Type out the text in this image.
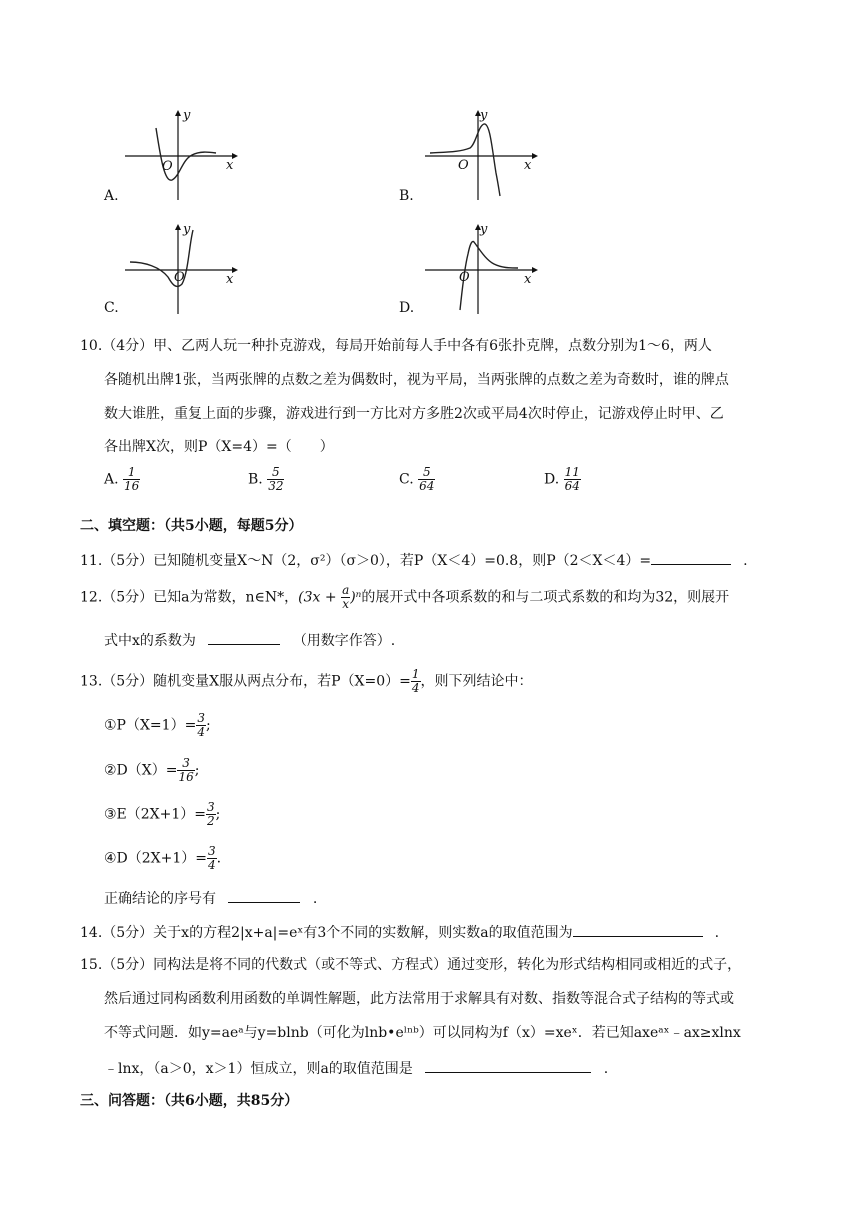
y
O	x
A.
y
O	x
B.
y
O	x
C.
y
O	x
D.
10.（4分）甲、乙两人玩一种扑克游戏，每局开始前每人手中各有6张扑克牌，点数分别为1～6，两人
各随机出牌1张，当两张牌的点数之差为偶数时，视为平局，当两张牌的点数之差为奇数时，谁的牌点
数大谁胜，重复上面的步骤，游戏进行到一方比对方多胜2次或平局4次时停止，记游戏停止时甲、乙
各出牌X次，则P（X=4）=（　　）
A. $\frac{1}{16}$	B. $\frac{5}{32}$	C. $\frac{5}{64}$	D. $\frac{11}{64}$
二、填空题：（共5小题，每题5分）
11.（5分）已知随机变量X～N（2，σ²）（σ＞0），若P（X＜4）=0.8，则P（2＜X＜4）=	.
12.（5分）已知a为常数，n∈N*，$(3x + \frac{a}{x} )^n$的展开式中各项系数的和与二项式系数的和均为32，则展开
式中x的系数为	（用数字作答）.
13.（5分）随机变量X服从两点分布，若$P(X=0)= \frac{1}{4}$ ，则下列结论中：
①P（X=1）= $\frac{3}{4}$ ;
②D（X）= $\frac{3}{16}$ ;
③E（2X+1）= $\frac{3}{2}$ ;
④D（2X+1）= $\frac{3}{4}$ .
正确结论的序号有	.
14.（5分）关于x的方程2|x+a|=eˣ有3个不同的实数解，则实数a的取值范围为	.
15.（5分）同构法是将不同的代数式（或不等式、方程式）通过变形，转化为形式结构相同或相近的式子，
然后通过同构函数利用函数的单调性解题，此方法常用于求解具有对数、指数等混合式子结构的等式或
不等式问题．如y=aeᵃ与y=blnb（可化为lnb•eˡⁿᵇ）可以同构为f（x）=xeˣ．若已知axeᵃˣ﹣ax≥xlnx
﹣lnx，（a＞0，x＞1）恒成立，则a的取值范围是	.
三、问答题：（共6小题，共85分）
